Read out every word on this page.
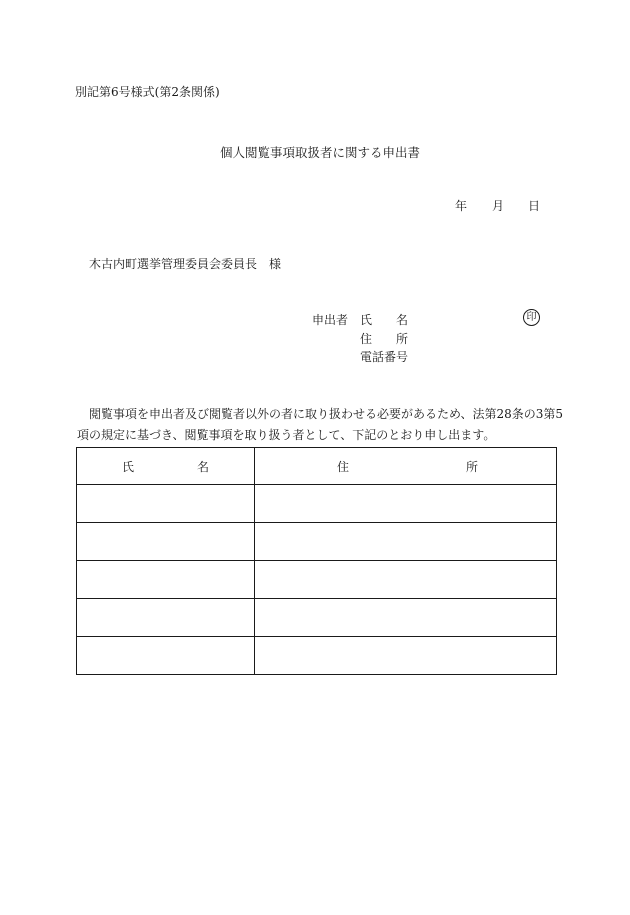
別記第6号様式(第2条関係)
個人閲覧事項取扱者に関する申出書
年 月 日
木古内町選挙管理委員会委員長　様
申出者 氏 名	印
住 所
電話番号
閲覧事項を申出者及び閲覧者以外の者に取り扱わせる必要があるため、法第28条の3第5
項の規定に基づき、閲覧事項を取り扱う者として、下記のとおり申し出ます。
氏 名	住 所
